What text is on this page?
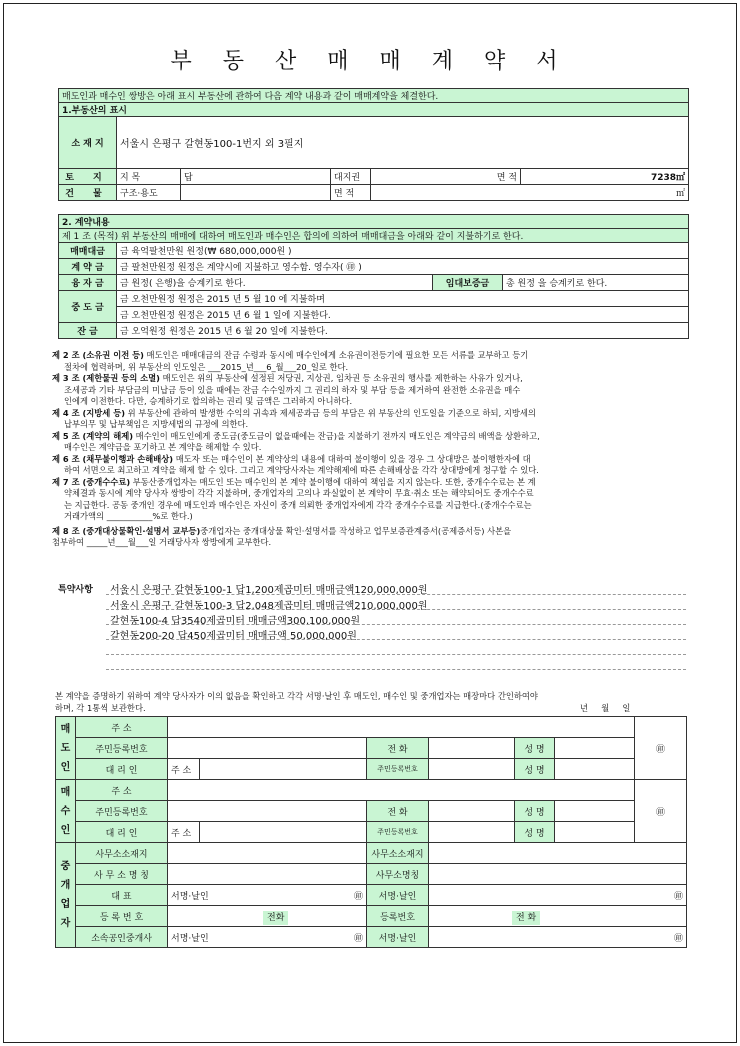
부 동 산 매 매 계 약 서
매도인과 매수인 쌍방은 아래 표시 부동산에 관하여 다음 계약 내용과 같이 매매계약을 체결한다.					
1.부동산의 표시					
소 재 지	서울시 은평구 갈현동100-1번지 외 3필지				
토 지	지 목	답	대지권	면 적	7238㎡
건 물	구조·용도		면 적	㎡	
2. 계약내용			
제 1 조 (목적) 위 부동산의 매매에 대하여 매도인과 매수인은 합의에 의하여 매매대금을 아래와 같이 지불하기로 한다.			
매매대금	금 육억팔천만원 원정(₩ 680,000,000원 )		
계 약 금	금 팔천만원정 원정은 계약시에 지불하고 영수함. 영수자( ㊞ )		
융 자 금	금 원정( 은행)을 승계키로 한다.	임대보증금	총 원정 을 승계키로 한다.
중 도 금	금 오천만원정 원정은 2015 년 5 월 10 에 지불하며		
	금 오천만원정 원정은 2015 년 6 월 1 일에 지불한다.		
잔 금	금 오억원정 원정은 2015 년 6 월 20 일에 지불한다.		
제 2 조 (소유권 이전 등) 매도인은 매매대금의 잔금 수령과 동시에 매수인에게 소유권이전등기에 필요한 모든 서류를 교부하고 등기
절차에 협력하며, 위 부동산의 인도일은 ___2015_년___6_월___20_일로 한다.
제 3 조 (제한물권 등의 소멸) 매도인은 위의 부동산에 설정된 저당권, 지상권, 임차권 등 소유권의 행사를 제한하는 사유가 있거나,
조세공과 기타 부담금의 미납금 등이 있을 때에는 잔금 수수일까지 그 권리의 하자 및 부담 등을 제거하여 완전한 소유권을 매수
인에게 이전한다. 다만, 승계하기로 합의하는 권리 및 금액은 그러하지 아니하다.
제 4 조 (지방세 등) 위 부동산에 관하여 발생한 수익의 귀속과 제세공과금 등의 부담은 위 부동산의 인도일을 기준으로 하되, 지방세의
납부의무 및 납부책임은 지방세법의 규정에 의한다.
제 5 조 (계약의 해제) 매수인이 매도인에게 중도금(중도금이 없을때에는 잔금)을 지불하기 전까지 매도인은 계약금의 배액을 상환하고,
매수인은 계약금을 포기하고 본 계약을 해제할 수 있다.
제 6 조 (채무불이행과 손해배상) 매도자 또는 매수인이 본 계약상의 내용에 대하여 불이행이 있을 경우 그 상대방은 불이행한자에 대
하여 서면으로 최고하고 계약을 해제 할 수 있다. 그리고 계약당사자는 계약해제에 따른 손해배상을 각각 상대방에게 청구할 수 있다.
제 7 조 (중개수수료) 부동산중개업자는 매도인 또는 매수인의 본 계약 불이행에 대하여 책임을 지지 않는다. 또한, 중개수수료는 본 계
약체결과 동시에 계약 당사자 쌍방이 각각 지불하며, 중개업자의 고의나 과실없이 본 계약이 무효·취소 또는 해약되어도 중개수수료
는 지급한다. 공동 중개인 경우에 매도인과 매수인은 자신이 중개 의뢰한 중개업자에게 각각 중개수수료를 지급한다.(중개수수료는
거래가액의 ___________%로 한다.)
제 8 조 (중개대상물확인·설명서 교부등)중개업자는 중개대상물 확인·설명서를 작성하고 업무보증관계증서(공제증서등) 사본을
첨부하여 _____년___월___일 거래당사자 쌍방에게 교부한다.
특약사항 서울시 은평구 갈현동100-1 답1,200제곱미터 매매금액120,000,000원
서울시 은평구 갈현동100-3 답2,048제곱미터 매매금액210,000,000원
갈현동100-4 답3540제곱미터 매매금액300,100,000원
갈현동200-20 답450제곱미터 매매금액 50,000,000원
본 계약을 증명하기 위하여 계약 당사자가 이의 없음을 확인하고 각각 서명·날인 후 매도인, 매수인 및 중개업자는 매장마다 간인하여야
하며, 각 1통씩 보관한다.	년     월     일
매도인	주 소							㊞
	주민등록번호			전 화		성 명		
	대 리 인	주 소		주민등록번호		성 명		
매수인	주 소							㊞
	주민등록번호			전 화		성 명		
	대 리 인	주 소		주민등록번호		성 명		
중개업자	사무소소재지			사무소소재지				
	사 무 소 명 칭			사무소명칭				
	대 표	서명·날인 ㊞		서명·날인	㊞			
	등 록 번 호	전화		등록번호	전 화			
	소속공인중개사	서명·날인 ㊞		서명·날인	㊞			
